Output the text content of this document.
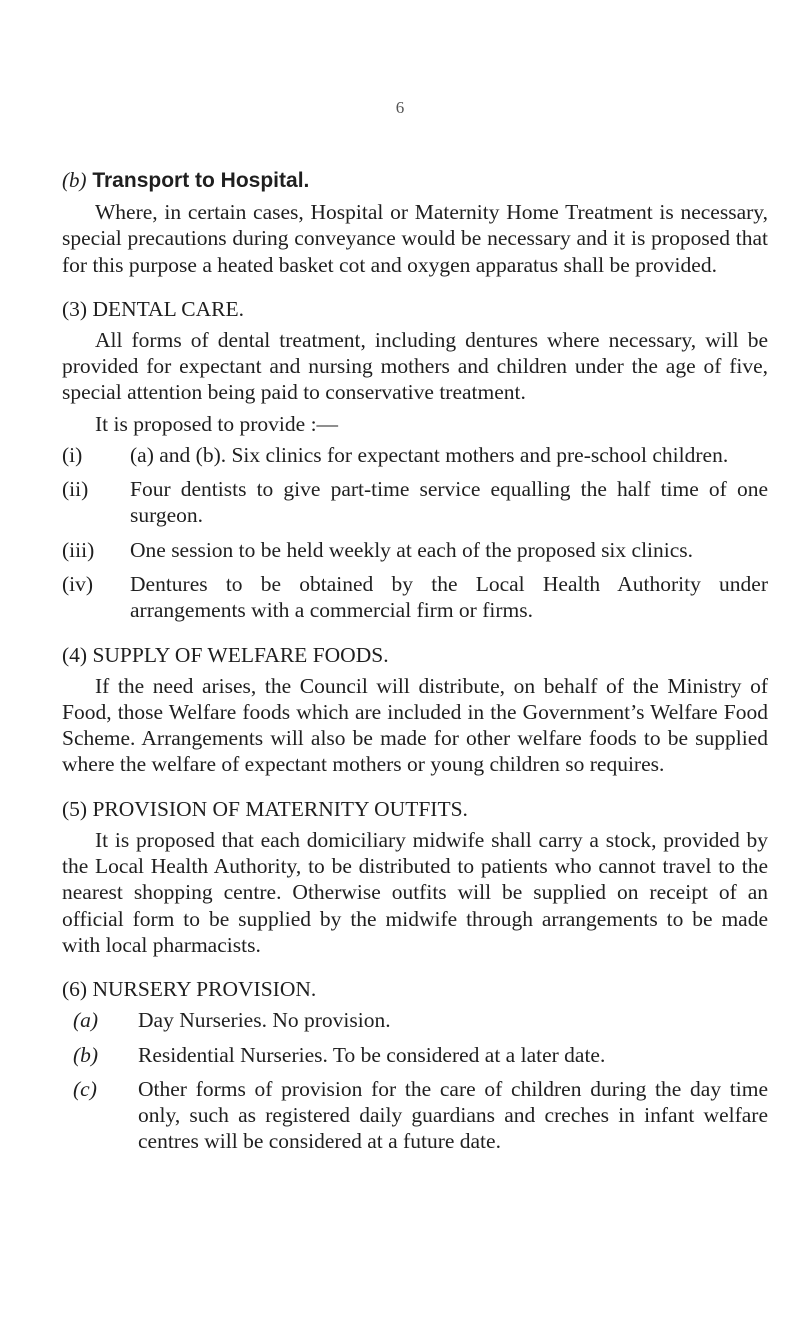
6
(b) Transport to Hospital.

Where, in certain cases, Hospital or Maternity Home Treatment is necessary, special precautions during conveyance would be necessary and it is proposed that for this purpose a heated basket cot and oxygen apparatus shall be provided.

(3) DENTAL CARE.

All forms of dental treatment, including dentures where necessary, will be provided for expectant and nursing mothers and children under the age of five, special attention being paid to conservative treatment.

It is proposed to provide :—
(i)	(a) and (b). Six clinics for expectant mothers and pre-school children.
(ii)	Four dentists to give part-time service equalling the half time of one surgeon.
(iii)	One session to be held weekly at each of the proposed six clinics.
(iv)	Dentures to be obtained by the Local Health Authority under arrangements with a commercial firm or firms.
(4) SUPPLY OF WELFARE FOODS.

If the need arises, the Council will distribute, on behalf of the Ministry of Food, those Welfare foods which are included in the Government’s Welfare Food Scheme. Arrangements will also be made for other welfare foods to be supplied where the welfare of expectant mothers or young children so requires.

(5) PROVISION OF MATERNITY OUTFITS.

It is proposed that each domiciliary midwife shall carry a stock, provided by the Local Health Authority, to be distributed to patients who cannot travel to the nearest shopping centre. Otherwise outfits will be supplied on receipt of an official form to be supplied by the midwife through arrangements to be made with local pharmacists.

(6) NURSERY PROVISION.
(a)	Day Nurseries. No provision.
(b)	Residential Nurseries. To be considered at a later date.
(c)	Other forms of provision for the care of children during the day time only, such as registered daily guardians and creches in infant welfare centres will be considered at a future date.
